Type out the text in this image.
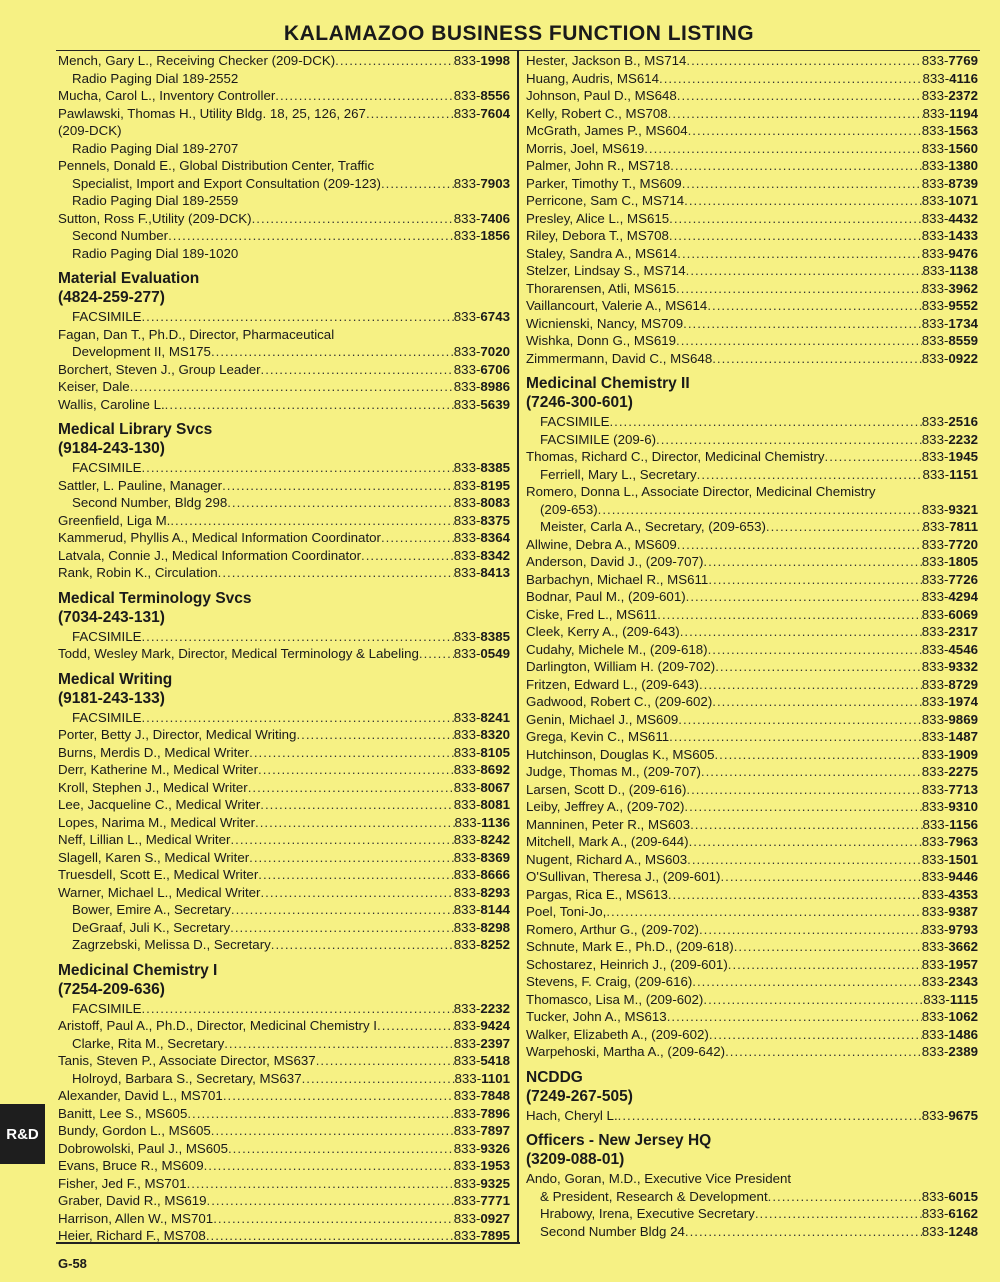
KALAMAZOO BUSINESS FUNCTION LISTING
Mench, Gary L., Receiving Checker (209-DCK) .....	833-1998
Radio Paging Dial 189-2552
Mucha, Carol L., Inventory Controller .....	833-8556
Pawlawski, Thomas H., Utility Bldg. 18, 25, 126, 267 .....	833-7604
(209-DCK)
Radio Paging Dial 189-2707
Pennels, Donald E., Global Distribution Center, Traffic
Specialist, Import and Export Consultation (209-123) .....	833-7903
Radio Paging Dial 189-2559
Sutton, Ross F.,Utility (209-DCK) .....	833-7406
Second Number .....	833-1856
Radio Paging Dial 189-1020
Material Evaluation
(4824-259-277)
FACSIMILE .....	833-6743
Fagan, Dan T., Ph.D., Director, Pharmaceutical
Development II, MS175 .....	833-7020
Borchert, Steven J., Group Leader .....	833-6706
Keiser, Dale .....	833-8986
Wallis, Caroline L. .....	833-5639
Medical Library Svcs
(9184-243-130)
FACSIMILE .....	833-8385
Sattler, L. Pauline, Manager .....	833-8195
Second Number, Bldg 298 .....	833-8083
Greenfield, Liga M. .....	833-8375
Kammerud, Phyllis A., Medical Information Coordinator .....	833-8364
Latvala, Connie J., Medical Information Coordinator .....	833-8342
Rank, Robin K., Circulation .....	833-8413
Medical Terminology Svcs
(7034-243-131)
FACSIMILE .....	833-8385
Todd, Wesley Mark, Director, Medical Terminology & Labeling .....	833-0549
Medical Writing
(9181-243-133)
FACSIMILE .....	833-8241
Porter, Betty J., Director, Medical Writing .....	833-8320
Burns, Merdis D., Medical Writer .....	833-8105
Derr, Katherine M., Medical Writer .....	833-8692
Kroll, Stephen J., Medical Writer .....	833-8067
Lee, Jacqueline C., Medical Writer .....	833-8081
Lopes, Narima M., Medical Writer .....	833-1136
Neff, Lillian L., Medical Writer .....	833-8242
Slagell, Karen S., Medical Writer .....	833-8369
Truesdell, Scott E., Medical Writer .....	833-8666
Warner, Michael L., Medical Writer .....	833-8293
Bower, Emire A., Secretary .....	833-8144
DeGraaf, Juli K., Secretary .....	833-8298
Zagrzebski, Melissa D., Secretary .....	833-8252
Medicinal Chemistry I
(7254-209-636)
FACSIMILE .....	833-2232
Aristoff, Paul A., Ph.D., Director, Medicinal Chemistry I .....	833-9424
Clarke, Rita M., Secretary .....	833-2397
Tanis, Steven P., Associate Director, MS637 .....	833-5418
Holroyd, Barbara S., Secretary, MS637 .....	833-1101
Alexander, David L., MS701 .....	833-7848
Banitt, Lee S., MS605 .....	833-7896
Bundy, Gordon L., MS605 .....	833-7897
Dobrowolski, Paul J., MS605 .....	833-9326
Evans, Bruce R., MS609 .....	833-1953
Fisher, Jed F., MS701 .....	833-9325
Graber, David R., MS619 .....	833-7771
Harrison, Allen W., MS701 .....	833-0927
Heier, Richard F., MS708 .....	833-7895
Hester, Jackson B., MS714 .....	833-7769
Huang, Audris, MS614 .....	833-4116
Johnson, Paul D., MS648 .....	833-2372
Kelly, Robert C., MS708 .....	833-1194
McGrath, James P., MS604 .....	833-1563
Morris, Joel, MS619 .....	833-1560
Palmer, John R., MS718 .....	833-1380
Parker, Timothy T., MS609 .....	833-8739
Perricone, Sam C., MS714 .....	833-1071
Presley, Alice L., MS615 .....	833-4432
Riley, Debora T., MS708 .....	833-1433
Staley, Sandra A., MS614 .....	833-9476
Stelzer, Lindsay S., MS714 .....	833-1138
Thorarensen, Atli, MS615 .....	833-3962
Vaillancourt, Valerie A., MS614 .....	833-9552
Wicnienski, Nancy, MS709 .....	833-1734
Wishka, Donn G., MS619 .....	833-8559
Zimmermann, David C., MS648 .....	833-0922
Medicinal Chemistry II
(7246-300-601)
FACSIMILE .....	833-2516
FACSIMILE (209-6) .....	833-2232
Thomas, Richard C., Director, Medicinal Chemistry .....	833-1945
Ferriell, Mary L., Secretary .....	833-1151
Romero, Donna L., Associate Director, Medicinal Chemistry
(209-653) .....	833-9321
Meister, Carla A., Secretary, (209-653) .....	833-7811
Allwine, Debra A., MS609 .....	833-7720
Anderson, David J., (209-707) .....	833-1805
Barbachyn, Michael R., MS611 .....	833-7726
Bodnar, Paul M., (209-601) .....	833-4294
Ciske, Fred L., MS611 .....	833-6069
Cleek, Kerry A., (209-643) .....	833-2317
Cudahy, Michele M., (209-618) .....	833-4546
Darlington, William H. (209-702) .....	833-9332
Fritzen, Edward L., (209-643) .....	833-8729
Gadwood, Robert C., (209-602) .....	833-1974
Genin, Michael J., MS609 .....	833-9869
Grega, Kevin C., MS611 .....	833-1487
Hutchinson, Douglas K., MS605 .....	833-1909
Judge, Thomas M., (209-707) .....	833-2275
Larsen, Scott D., (209-616) .....	833-7713
Leiby, Jeffrey A., (209-702) .....	833-9310
Manninen, Peter R., MS603 .....	833-1156
Mitchell, Mark A., (209-644) .....	833-7963
Nugent, Richard A., MS603 .....	833-1501
O'Sullivan, Theresa J., (209-601) .....	833-9446
Pargas, Rica E., MS613 .....	833-4353
Poel, Toni-Jo, .....	833-9387
Romero, Arthur G., (209-702) .....	833-9793
Schnute, Mark E., Ph.D., (209-618) .....	833-3662
Schostarez, Heinrich J., (209-601) .....	833-1957
Stevens, F. Craig, (209-616) .....	833-2343
Thomasco, Lisa M., (209-602) .....	833-1115
Tucker, John A., MS613 .....	833-1062
Walker, Elizabeth A., (209-602) .....	833-1486
Warpehoski, Martha A., (209-642) .....	833-2389
NCDDG
(7249-267-505)
Hach, Cheryl L. .....	833-9675
Officers - New Jersey HQ
(3209-088-01)
Ando, Goran, M.D., Executive Vice President
& President, Research & Development .....	833-6015
Hrabowy, Irena, Executive Secretary .....	833-6162
Second Number Bldg 24 .....	833-1248
R&D
G-58
